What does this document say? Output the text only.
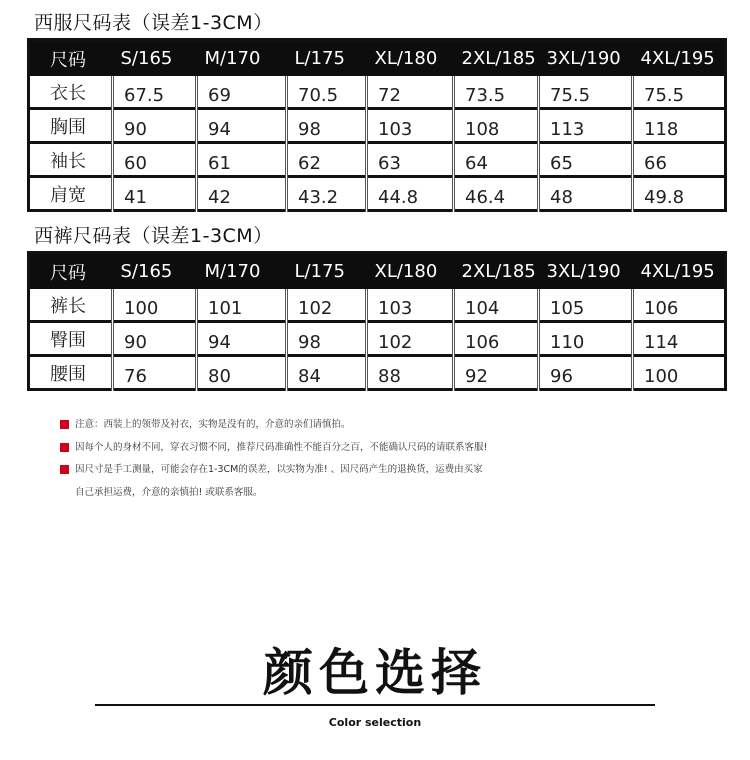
西服尺码表（误差1-3CM）
尺码	S/165	M/170	L/175	XL/180	2XL/185	3XL/190	4XL/195
衣长	67.5	69	70.5	72	73.5	75.5	75.5
胸围	90	94	98	103	108	113	118
袖长	60	61	62	63	64	65	66
肩宽	41	42	43.2	44.8	46.4	48	49.8
西裤尺码表（误差1-3CM）
尺码	S/165	M/170	L/175	XL/180	2XL/185	3XL/190	4XL/195
裤长	100	101	102	103	104	105	106
臀围	90	94	98	102	106	110	114
腰围	76	80	84	88	92	96	100
注意：西装上的领带及衬衣，实物是没有的，介意的亲们请慎拍。
因每个人的身材不同，穿衣习惯不同，推荐尺码准确性不能百分之百，不能确认尺码的请联系客服!
因尺寸是手工测量，可能会存在1-3CM的误差，以实物为准! 、因尺码产生的退换货，运费由买家
自己承担运费，介意的亲慎拍! 或联系客服。
颜色选择
Color selection
